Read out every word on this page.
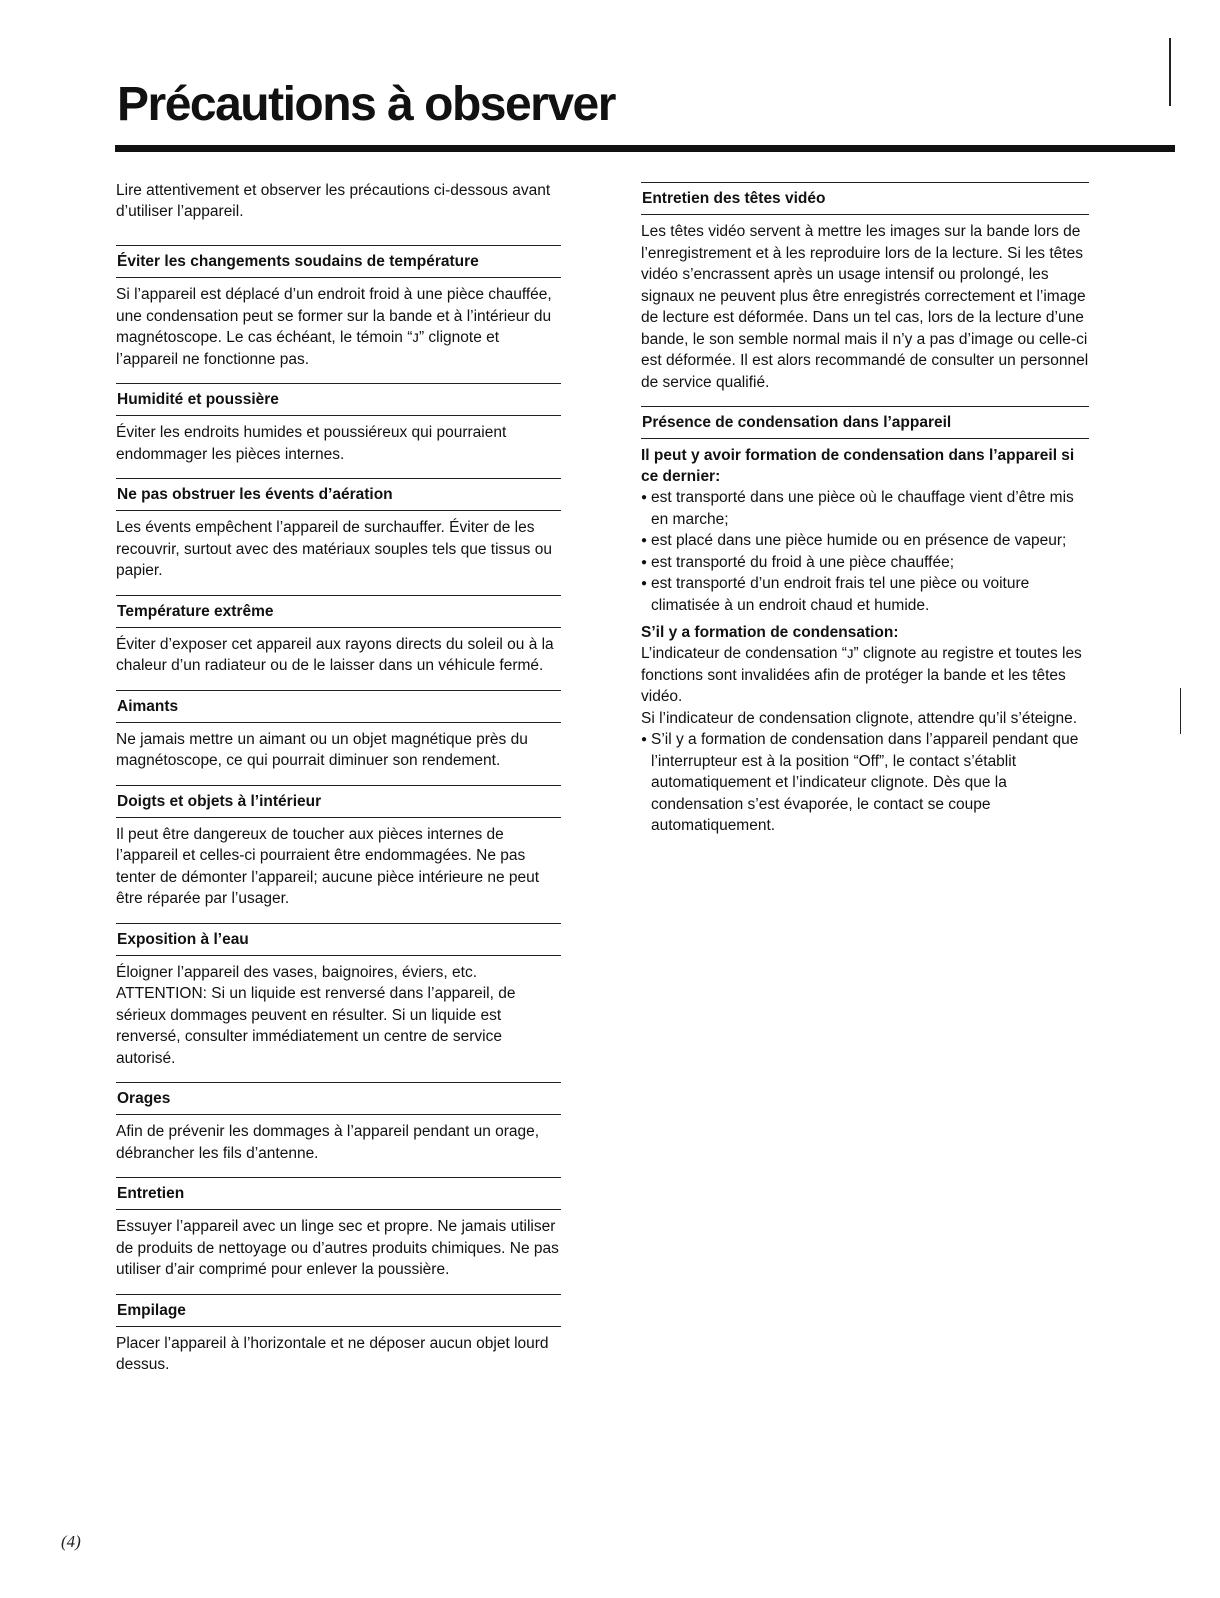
Précautions à observer

Lire attentivement et observer les précautions ci-dessous avant d’utiliser l’appareil.

Éviter les changements soudains de température

Si l’appareil est déplacé d’un endroit froid à une pièce chauffée, une condensation peut se former sur la bande et à l’intérieur du magnétoscope. Le cas échéant, le témoin “ᴊ” clignote et l’appareil ne fonctionne pas.

Humidité et poussière

Éviter les endroits humides et poussiéreux qui pourraient endommager les pièces internes.

Ne pas obstruer les évents d’aération

Les évents empêchent l’appareil de surchauffer. Éviter de les recouvrir, surtout avec des matériaux souples tels que tissus ou papier.

Température extrême

Éviter d’exposer cet appareil aux rayons directs du soleil ou à la chaleur d’un radiateur ou de le laisser dans un véhicule fermé.

Aimants

Ne jamais mettre un aimant ou un objet magnétique près du magnétoscope, ce qui pourrait diminuer son rendement.

Doigts et objets à l’intérieur

Il peut être dangereux de toucher aux pièces internes de l’appareil et celles-ci pourraient être endommagées. Ne pas tenter de démonter l’appareil; aucune pièce intérieure ne peut être réparée par l’usager.

Exposition à l’eau

Éloigner l’appareil des vases, baignoires, éviers, etc. ATTENTION: Si un liquide est renversé dans l’appareil, de sérieux dommages peuvent en résulter. Si un liquide est renversé, consulter immédiatement un centre de service autorisé.

Orages

Afin de prévenir les dommages à l’appareil pendant un orage, débrancher les fils d’antenne.

Entretien

Essuyer l’appareil avec un linge sec et propre. Ne jamais utiliser de produits de nettoyage ou d’autres produits chimiques. Ne pas utiliser d’air comprimé pour enlever la poussière.

Empilage

Placer l’appareil à l’horizontale et ne déposer aucun objet lourd dessus.

Entretien des têtes vidéo

Les têtes vidéo servent à mettre les images sur la bande lors de l’enregistrement et à les reproduire lors de la lecture. Si les têtes vidéo s’encrassent après un usage intensif ou prolongé, les signaux ne peuvent plus être enregistrés correctement et l’image de lecture est déformée. Dans un tel cas, lors de la lecture d’une bande, le son semble normal mais il n’y a pas d’image ou celle-ci est déformée. Il est alors recommandé de consulter un personnel de service qualifié.

Présence de condensation dans l’appareil

Il peut y avoir formation de condensation dans l’appareil si ce dernier:

● est transporté dans une pièce où le chauffage vient d’être mis en marche;
● est placé dans une pièce humide ou en présence de vapeur;
● est transporté du froid à une pièce chauffée;
● est transporté d’un endroit frais tel une pièce ou voiture climatisée à un endroit chaud et humide.

S’il y a formation de condensation:

L’indicateur de condensation “ᴊ” clignote au registre et toutes les fonctions sont invalidées afin de protéger la bande et les têtes vidéo.

Si l’indicateur de condensation clignote, attendre qu’il s’éteigne.

● S’il y a formation de condensation dans l’appareil pendant que l’interrupteur est à la position “Off”, le contact s’établit automatiquement et l’indicateur clignote. Dès que la condensation s’est évaporée, le contact se coupe automatiquement.
(4)
